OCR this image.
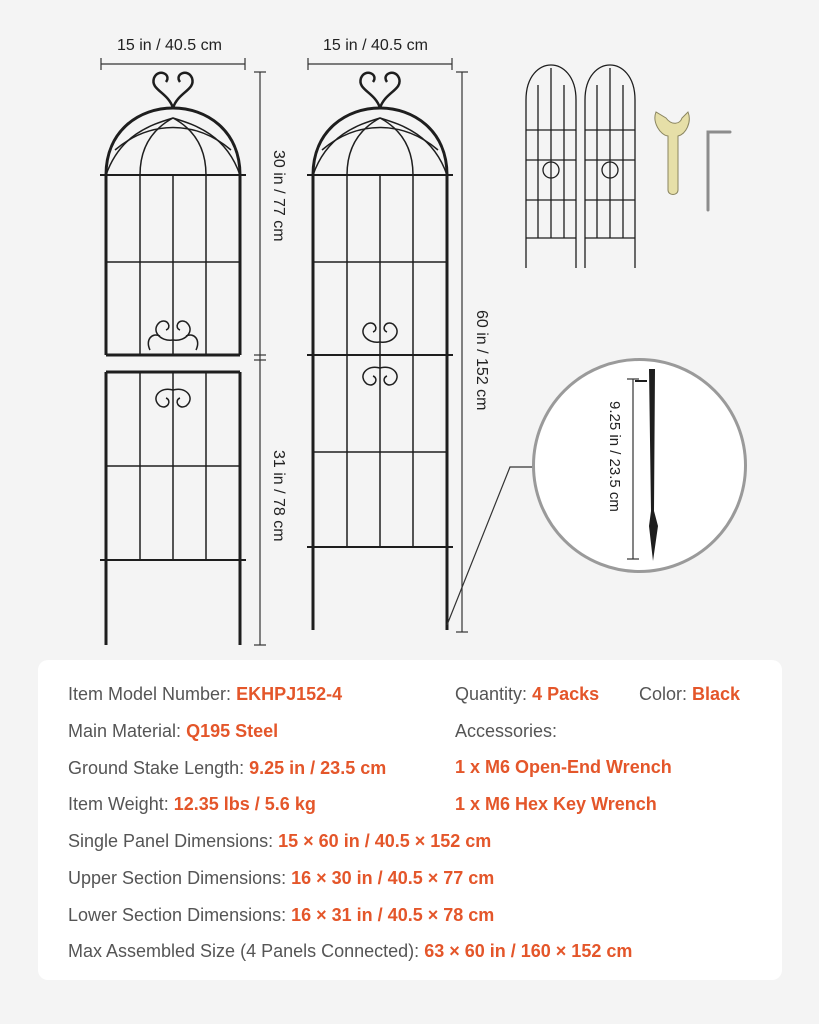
15 in / 40.5 cm	15 in / 40.5 cm
30 in / 77 cm
31 in / 78 cm
60 in / 152 cm
9.25 in / 23.5 cm
Item Model Number: EKHPJ152-4
Main Material: Q195 Steel
Ground Stake Length: 9.25 in / 23.5 cm
Item Weight: 12.35 lbs / 5.6 kg
Single Panel Dimensions: 15 × 60 in / 40.5 × 152 cm
Upper Section Dimensions: 16 × 30 in / 40.5 × 77 cm
Lower Section Dimensions: 16 × 31 in / 40.5 × 78 cm
Max Assembled Size (4 Panels Connected): 63 × 60 in / 160 × 152 cm
Quantity: 4 Packs Color: Black
Accessories:
1 x M6 Open-End Wrench
1 x M6 Hex Key Wrench
